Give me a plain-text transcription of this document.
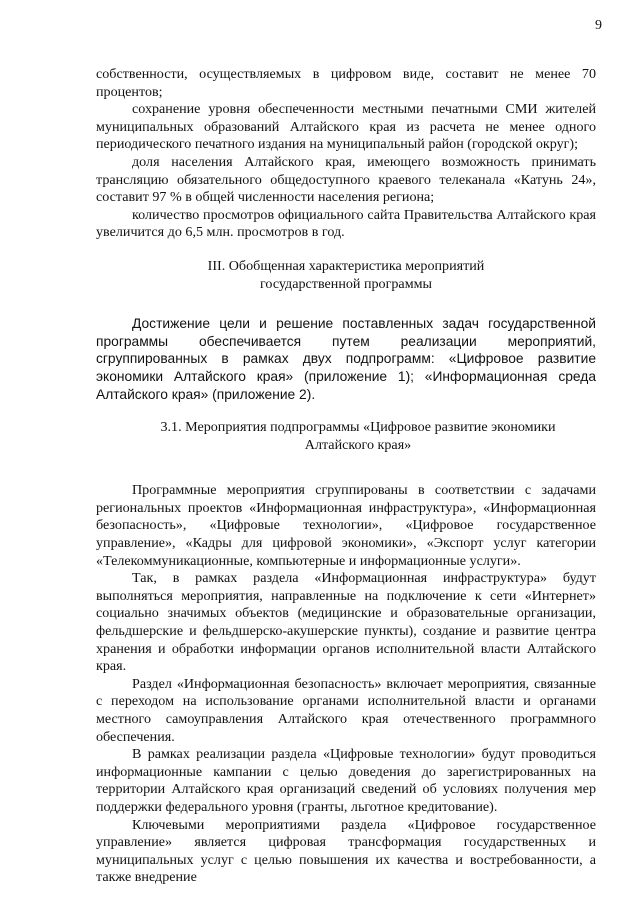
9

собственности, осуществляемых в цифровом виде, составит не менее 70 процентов;

сохранение уровня обеспеченности местными печатными СМИ жителей муниципальных образований Алтайского края из расчета не менее одного периодического печатного издания на муниципальный район (городской округ);

доля населения Алтайского края, имеющего возможность принимать трансляцию обязательного общедоступного краевого телеканала «Катунь 24», составит 97 % в общей численности населения региона;

количество просмотров официального сайта Правительства Алтайского края увеличится до 6,5 млн. просмотров в год.

III. Обобщенная характеристика мероприятий
государственной программы

Достижение цели и решение поставленных задач государственной программы обеспечивается путем реализации мероприятий, сгруппированных в рамках двух подпрограмм: «Цифровое развитие экономики Алтайского края» (приложение 1); «Информационная среда Алтайского края» (приложение 2).

3.1. Мероприятия подпрограммы «Цифровое развитие экономики
Алтайского края»

Программные мероприятия сгруппированы в соответствии с задачами региональных проектов «Информационная инфраструктура», «Информационная безопасность», «Цифровые технологии», «Цифровое государственное управление», «Кадры для цифровой экономики», «Экспорт услуг категории «Телекоммуникационные, компьютерные и информационные услуги».

Так, в рамках раздела «Информационная инфраструктура» будут выполняться мероприятия, направленные на подключение к сети «Интернет» социально значимых объектов (медицинские и образовательные организации, фельдшерские и фельдшерско-акушерские пункты), создание и развитие центра хранения и обработки информации органов исполнительной власти Алтайского края.

Раздел «Информационная безопасность» включает мероприятия, связанные с переходом на использование органами исполнительной власти и органами местного самоуправления Алтайского края отечественного программного обеспечения.

В рамках реализации раздела «Цифровые технологии» будут проводиться информационные кампании с целью доведения до зарегистрированных на территории Алтайского края организаций сведений об условиях получения мер поддержки федерального уровня (гранты, льготное кредитование).

Ключевыми мероприятиями раздела «Цифровое государственное управление» является цифровая трансформация государственных и муниципальных услуг с целью повышения их качества и востребованности, а также внедрение
